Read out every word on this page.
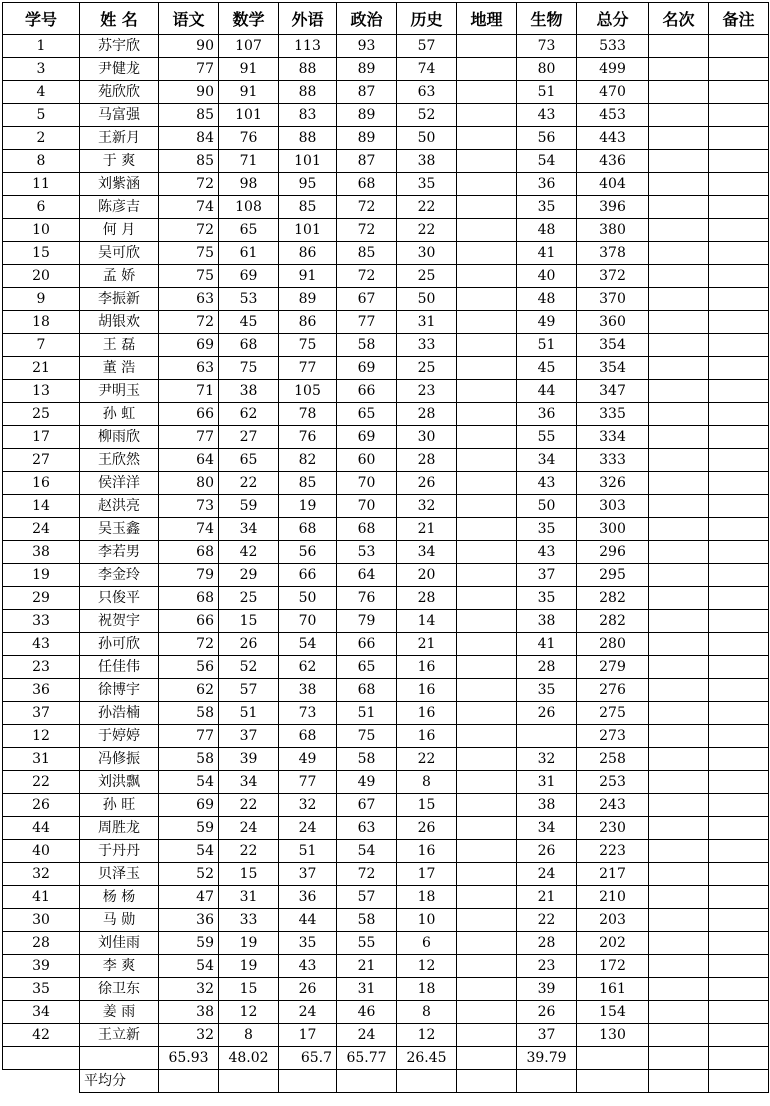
学号	姓 名	语文	数学	外语	政治	历史	地理	生物	总分	名次	备注
1	苏宇欣	90	107	113	93	57		73	533		
3	尹健龙	77	91	88	89	74		80	499		
4	苑欣欣	90	91	88	87	63		51	470		
5	马富强	85	101	83	89	52		43	453		
2	王新月	84	76	88	89	50		56	443		
8	于 爽	85	71	101	87	38		54	436		
11	刘紫涵	72	98	95	68	35		36	404		
6	陈彦吉	74	108	85	72	22		35	396		
10	何 月	72	65	101	72	22		48	380		
15	吴可欣	75	61	86	85	30		41	378		
20	孟 娇	75	69	91	72	25		40	372		
9	李振新	63	53	89	67	50		48	370		
18	胡银欢	72	45	86	77	31		49	360		
7	王 磊	69	68	75	58	33		51	354		
21	董 浩	63	75	77	69	25		45	354		
13	尹明玉	71	38	105	66	23		44	347		
25	孙 虹	66	62	78	65	28		36	335		
17	柳雨欣	77	27	76	69	30		55	334		
27	王欣然	64	65	82	60	28		34	333		
16	侯洋洋	80	22	85	70	26		43	326		
14	赵洪亮	73	59	19	70	32		50	303		
24	吴玉鑫	74	34	68	68	21		35	300		
38	李若男	68	42	56	53	34		43	296		
19	李金玲	79	29	66	64	20		37	295		
29	只俊平	68	25	50	76	28		35	282		
33	祝贺宇	66	15	70	79	14		38	282		
43	孙可欣	72	26	54	66	21		41	280		
23	任佳伟	56	52	62	65	16		28	279		
36	徐博宇	62	57	38	68	16		35	276		
37	孙浩楠	58	51	73	51	16		26	275		
12	于婷婷	77	37	68	75	16			273		
31	冯修振	58	39	49	58	22		32	258		
22	刘洪飘	54	34	77	49	8		31	253		
26	孙 旺	69	22	32	67	15		38	243		
44	周胜龙	59	24	24	63	26		34	230		
40	于丹丹	54	22	51	54	16		26	223		
32	贝泽玉	52	15	37	72	17		24	217		
41	杨 杨	47	31	36	57	18		21	210		
30	马 勋	36	33	44	58	10		22	203		
28	刘佳雨	59	19	35	55	6		28	202		
39	李 爽	54	19	43	21	12		23	172		
35	徐卫东	32	15	26	31	18		39	161		
34	姜 雨	38	12	24	46	8		26	154		
42	王立新	32	8	17	24	12		37	130		
		65.93	48.02	65.7	65.77	26.45		39.79			
	平均分										
